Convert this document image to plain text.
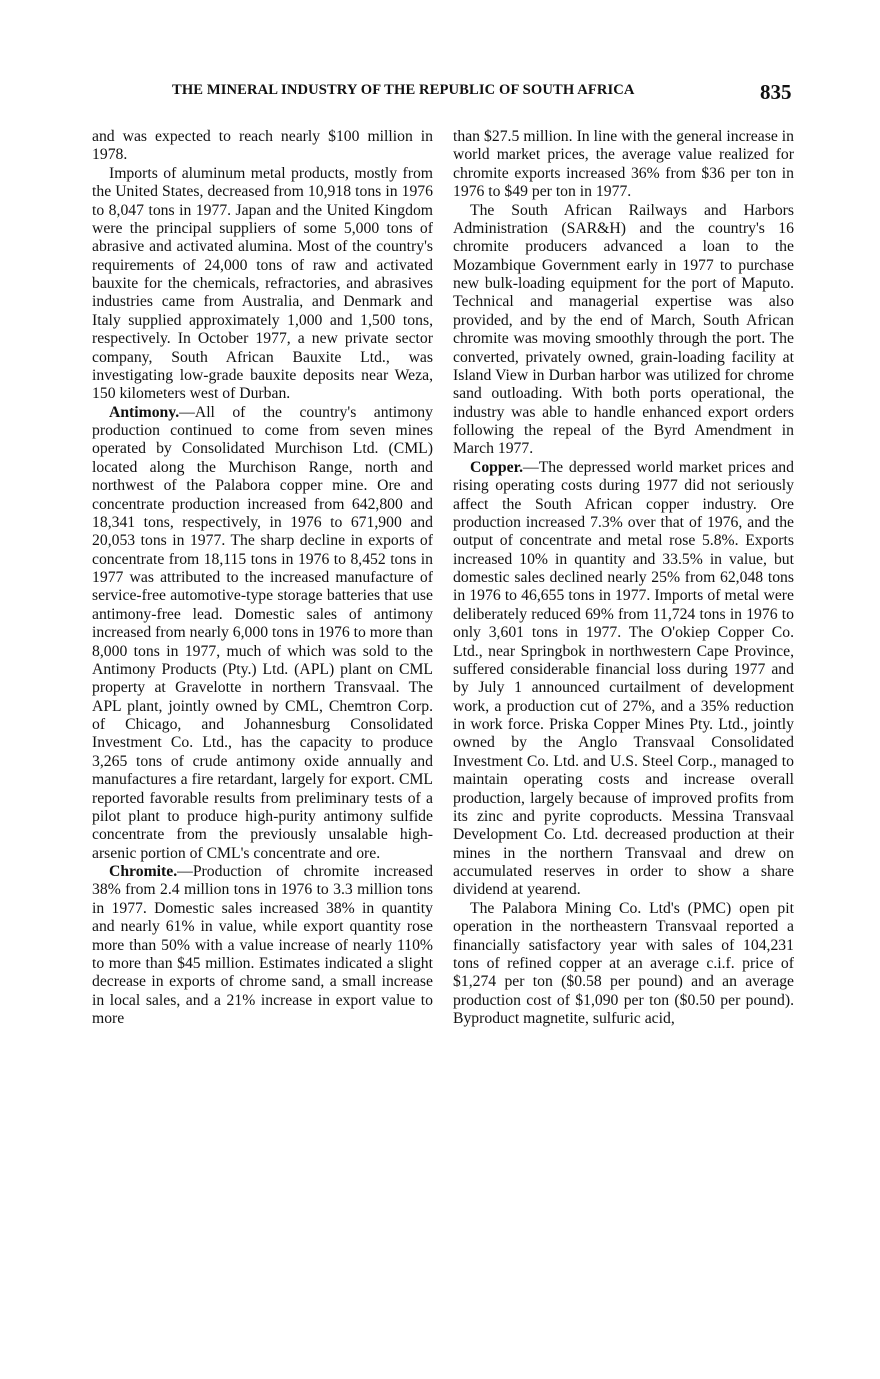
THE MINERAL INDUSTRY OF THE REPUBLIC OF SOUTH AFRICA	835

and was expected to reach nearly $100 million in 1978.

Imports of aluminum metal products, mostly from the United States, decreased from 10,918 tons in 1976 to 8,047 tons in 1977. Japan and the United Kingdom were the principal suppliers of some 5,000 tons of abrasive and activated alumina. Most of the country's requirements of 24,000 tons of raw and activated bauxite for the chemicals, refractories, and abrasives industries came from Australia, and Denmark and Italy supplied approximately 1,000 and 1,500 tons, respectively. In October 1977, a new private sector company, South African Bauxite Ltd., was investigating low-grade bauxite deposits near Weza, 150 kilometers west of Durban.

Antimony.—All of the country's antimony production continued to come from seven mines operated by Consolidated Murchison Ltd. (CML) located along the Murchison Range, north and northwest of the Palabora copper mine. Ore and concentrate production increased from 642,800 and 18,341 tons, respectively, in 1976 to 671,900 and 20,053 tons in 1977. The sharp decline in exports of concentrate from 18,115 tons in 1976 to 8,452 tons in 1977 was attributed to the increased manufacture of service-free automotive-type storage batteries that use antimony-free lead. Domestic sales of antimony increased from nearly 6,000 tons in 1976 to more than 8,000 tons in 1977, much of which was sold to the Antimony Products (Pty.) Ltd. (APL) plant on CML property at Gravelotte in northern Transvaal. The APL plant, jointly owned by CML, Chemtron Corp. of Chicago, and Johannesburg Consolidated Investment Co. Ltd., has the capacity to produce 3,265 tons of crude antimony oxide annually and manufactures a fire retardant, largely for export. CML reported favorable results from preliminary tests of a pilot plant to produce high-purity antimony sulfide concentrate from the previously unsalable high-arsenic portion of CML's concentrate and ore.

Chromite.—Production of chromite increased 38% from 2.4 million tons in 1976 to 3.3 million tons in 1977. Domestic sales increased 38% in quantity and nearly 61% in value, while export quantity rose more than 50% with a value increase of nearly 110% to more than $45 million. Estimates indicated a slight decrease in exports of chrome sand, a small increase in local sales, and a 21% increase in export value to more

than $27.5 million. In line with the general increase in world market prices, the average value realized for chromite exports increased 36% from $36 per ton in 1976 to $49 per ton in 1977.

The South African Railways and Harbors Administration (SAR&H) and the country's 16 chromite producers advanced a loan to the Mozambique Government early in 1977 to purchase new bulk-loading equipment for the port of Maputo. Technical and managerial expertise was also provided, and by the end of March, South African chromite was moving smoothly through the port. The converted, privately owned, grain-loading facility at Island View in Durban harbor was utilized for chrome sand outloading. With both ports operational, the industry was able to handle enhanced export orders following the repeal of the Byrd Amendment in March 1977.

Copper.—The depressed world market prices and rising operating costs during 1977 did not seriously affect the South African copper industry. Ore production increased 7.3% over that of 1976, and the output of concentrate and metal rose 5.8%. Exports increased 10% in quantity and 33.5% in value, but domestic sales declined nearly 25% from 62,048 tons in 1976 to 46,655 tons in 1977. Imports of metal were deliberately reduced 69% from 11,724 tons in 1976 to only 3,601 tons in 1977. The O'okiep Copper Co. Ltd., near Springbok in northwestern Cape Province, suffered considerable financial loss during 1977 and by July 1 announced curtailment of development work, a production cut of 27%, and a 35% reduction in work force. Priska Copper Mines Pty. Ltd., jointly owned by the Anglo Transvaal Consolidated Investment Co. Ltd. and U.S. Steel Corp., managed to maintain operating costs and increase overall production, largely because of improved profits from its zinc and pyrite coproducts. Messina Transvaal Development Co. Ltd. decreased production at their mines in the northern Transvaal and drew on accumulated reserves in order to show a share dividend at yearend.

The Palabora Mining Co. Ltd's (PMC) open pit operation in the northeastern Transvaal reported a financially satisfactory year with sales of 104,231 tons of refined copper at an average c.i.f. price of $1,274 per ton ($0.58 per pound) and an average production cost of $1,090 per ton ($0.50 per pound). Byproduct magnetite, sulfuric acid,
